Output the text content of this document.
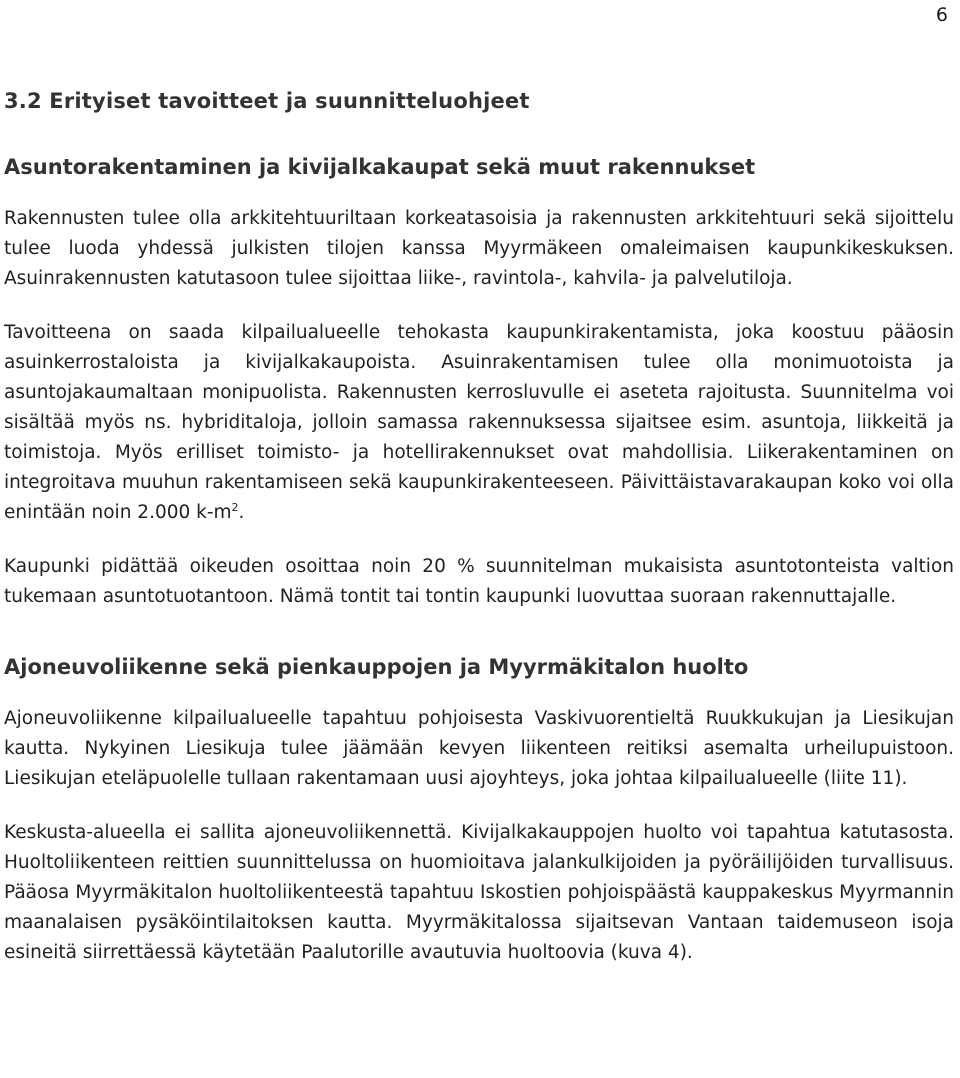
6
3.2 Erityiset tavoitteet ja suunnitteluohjeet
Asuntorakentaminen ja kivijalkakaupat sekä muut rakennukset

Rakennusten tulee olla arkkitehtuuriltaan korkeatasoisia ja rakennusten arkkitehtuuri sekä sijoittelu tulee luoda yhdessä julkisten tilojen kanssa Myyrmäkeen omaleimaisen kaupunkikeskuksen. Asuinrakennusten katutasoon tulee sijoittaa liike-, ravintola-, kahvila- ja palvelutiloja.

Tavoitteena on saada kilpailualueelle tehokasta kaupunkirakentamista, joka koostuu pääosin asuinkerrostaloista ja kivijalkakaupoista. Asuinrakentamisen tulee olla monimuotoista ja asuntojakaumaltaan monipuolista. Rakennusten kerrosluvulle ei aseteta rajoitusta. Suunnitelma voi sisältää myös ns. hybriditaloja, jolloin samassa rakennuksessa sijaitsee esim. asuntoja, liikkeitä ja toimistoja. Myös erilliset toimisto- ja hotellirakennukset ovat mahdollisia. Liikerakentaminen on integroitava muuhun rakentamiseen sekä kaupunkirakenteeseen. Päivittäistavarakaupan koko voi olla enintään noin 2.000 $k-m^2$.

Kaupunki pidättää oikeuden osoittaa noin 20 % suunnitelman mukaisista asuntotonteista valtion tukemaan asuntotuotantoon. Nämä tontit tai tontin kaupunki luovuttaa suoraan rakennuttajalle.

Ajoneuvoliikenne sekä pienkauppojen ja Myyrmäkitalon huolto

Ajoneuvoliikenne kilpailualueelle tapahtuu pohjoisesta Vaskivuorentieltä Ruukkukujan ja Liesikujan kautta. Nykyinen Liesikuja tulee jäämään kevyen liikenteen reitiksi asemalta urheilupuistoon. Liesikujan eteläpuolelle tullaan rakentamaan uusi ajoyhteys, joka johtaa kilpailualueelle (liite 11).

Keskusta-alueella ei sallita ajoneuvoliikennettä. Kivijalkakauppojen huolto voi tapahtua katutasosta. Huoltoliikenteen reittien suunnittelussa on huomioitava jalankulkijoiden ja pyöräilijöiden turvallisuus. Pääosa Myyrmäkitalon huoltoliikenteestä tapahtuu Iskostien pohjoispäästä kauppakeskus Myyrmannin maanalaisen pysäköintilaitoksen kautta. Myyrmäkitalossa sijaitsevan Vantaan taidemuseon isoja esineitä siirrettäessä käytetään Paalutorille avautuvia huoltoovia (kuva 4).
